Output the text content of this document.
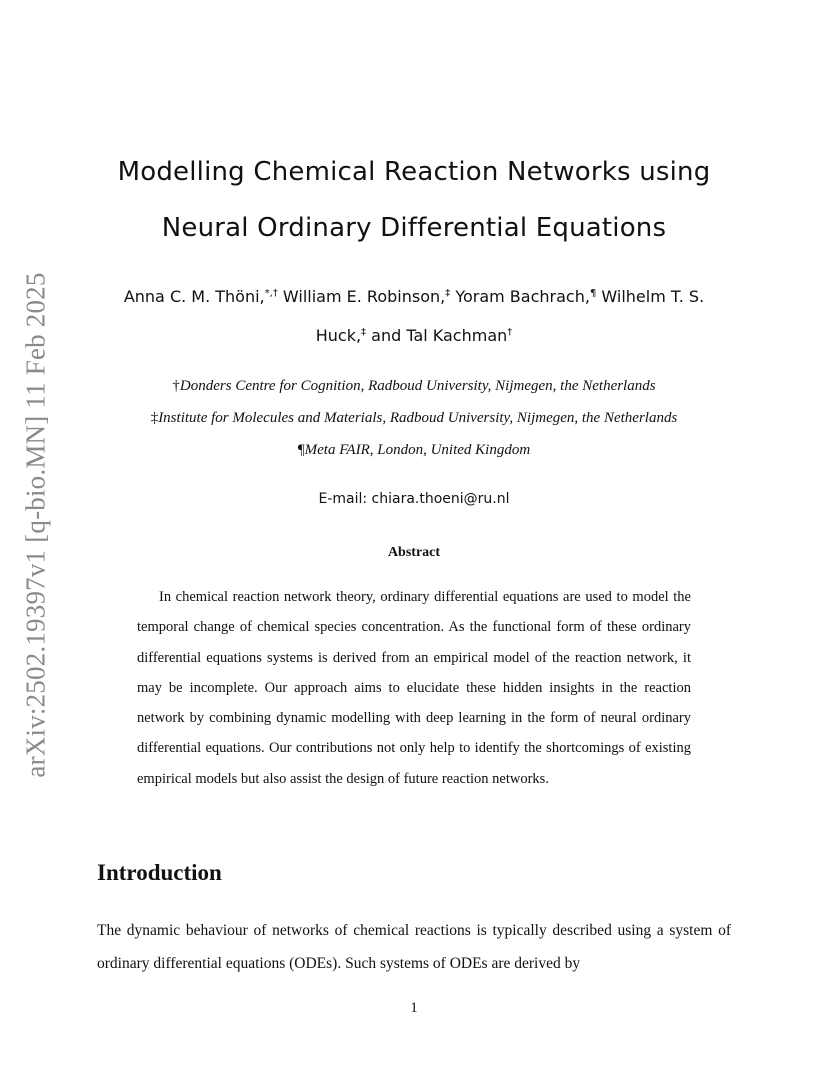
arXiv:2502.19397v1 [q-bio.MN] 11 Feb 2025
Modelling Chemical Reaction Networks using
Neural Ordinary Differential Equations
Anna C. M. Thöni,*,† William E. Robinson,‡ Yoram Bachrach,¶ Wilhelm T. S.
Huck,‡ and Tal Kachman†
†Donders Centre for Cognition, Radboud University, Nijmegen, the Netherlands
‡Institute for Molecules and Materials, Radboud University, Nijmegen, the Netherlands
¶Meta FAIR, London, United Kingdom
E-mail: chiara.thoeni@ru.nl
Abstract
In chemical reaction network theory, ordinary differential equations are used to model the temporal change of chemical species concentration. As the functional form of these ordinary differential equations systems is derived from an empirical model of the reaction network, it may be incomplete. Our approach aims to elucidate these hidden insights in the reaction network by combining dynamic modelling with deep learning in the form of neural ordinary differential equations. Our contributions not only help to identify the shortcomings of existing empirical models but also assist the design of future reaction networks.
Introduction
The dynamic behaviour of networks of chemical reactions is typically described using a system of ordinary differential equations (ODEs). Such systems of ODEs are derived by
1
